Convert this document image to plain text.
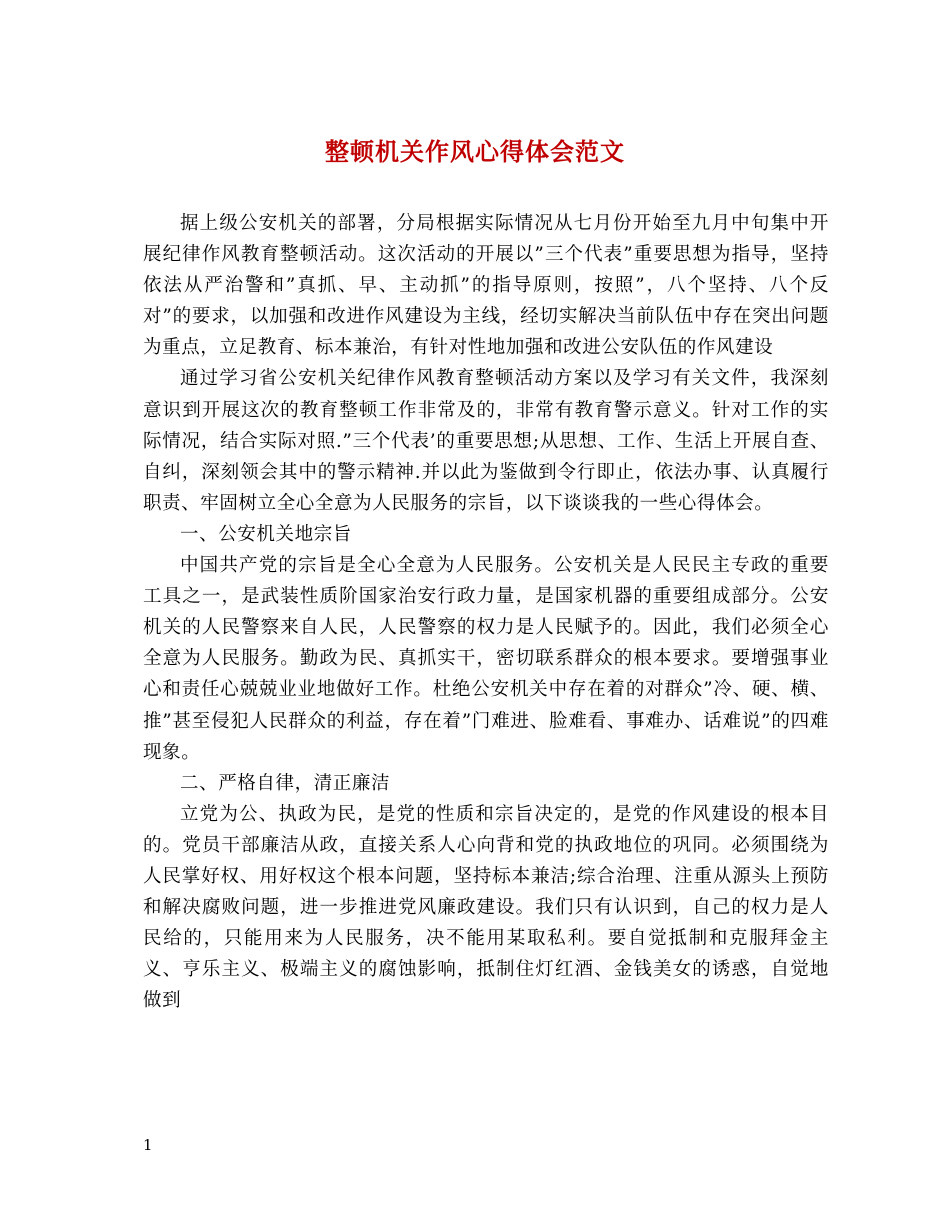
整顿机关作风心得体会范文

据上级公安机关的部署，分局根据实际情况从七月份开始至九月中旬集中开展纪律作风教育整顿活动。这次活动的开展以”三个代表”重要思想为指导，坚持依法从严治警和”真抓、早、主动抓”的指导原则，按照”，八个坚持、八个反对”的要求，以加强和改进作风建设为主线，经切实解决当前队伍中存在突出问题为重点，立足教育、标本兼治，有针对性地加强和改进公安队伍的作风建设

通过学习省公安机关纪律作风教育整顿活动方案以及学习有关文件，我深刻意识到开展这次的教育整顿工作非常及的，非常有教育警示意义。针对工作的实际情况，结合实际对照.”三个代表’的重要思想;从思想、工作、生活上开展自查、自纠，深刻领会其中的警示精神.并以此为鉴做到令行即止，依法办事、认真履行职责、牢固树立全心全意为人民服务的宗旨，以下谈谈我的一些心得体会。

一、公安机关地宗旨

中国共产党的宗旨是全心全意为人民服务。公安机关是人民民主专政的重要工具之一，是武装性质阶国家治安行政力量，是国家机器的重要组成部分。公安机关的人民警察来自人民，人民警察的权力是人民赋予的。因此，我们必须全心全意为人民服务。勤政为民、真抓实干，密切联系群众的根本要求。要增强事业心和责任心兢兢业业地做好工作。杜绝公安机关中存在着的对群众”冷、硬、横、推”甚至侵犯人民群众的利益，存在着”门难进、脸难看、事难办、话难说”的四难现象。

二、严格自律，清正廉洁

立党为公、执政为民，是党的性质和宗旨决定的，是党的作风建设的根本目的。党员干部廉洁从政，直接关系人心向背和党的执政地位的巩同。必须围绕为人民掌好权、用好权这个根本问题，坚持标本兼洁;综合治理、注重从源头上预防和解决腐败问题，进一步推进党风廉政建设。我们只有认识到，自己的权力是人民给的，只能用来为人民服务，决不能用某取私利。要自觉抵制和克服拜金主义、亨乐主义、极端主义的腐蚀影响，抵制住灯红酒、金钱美女的诱惑，自觉地做到

1
